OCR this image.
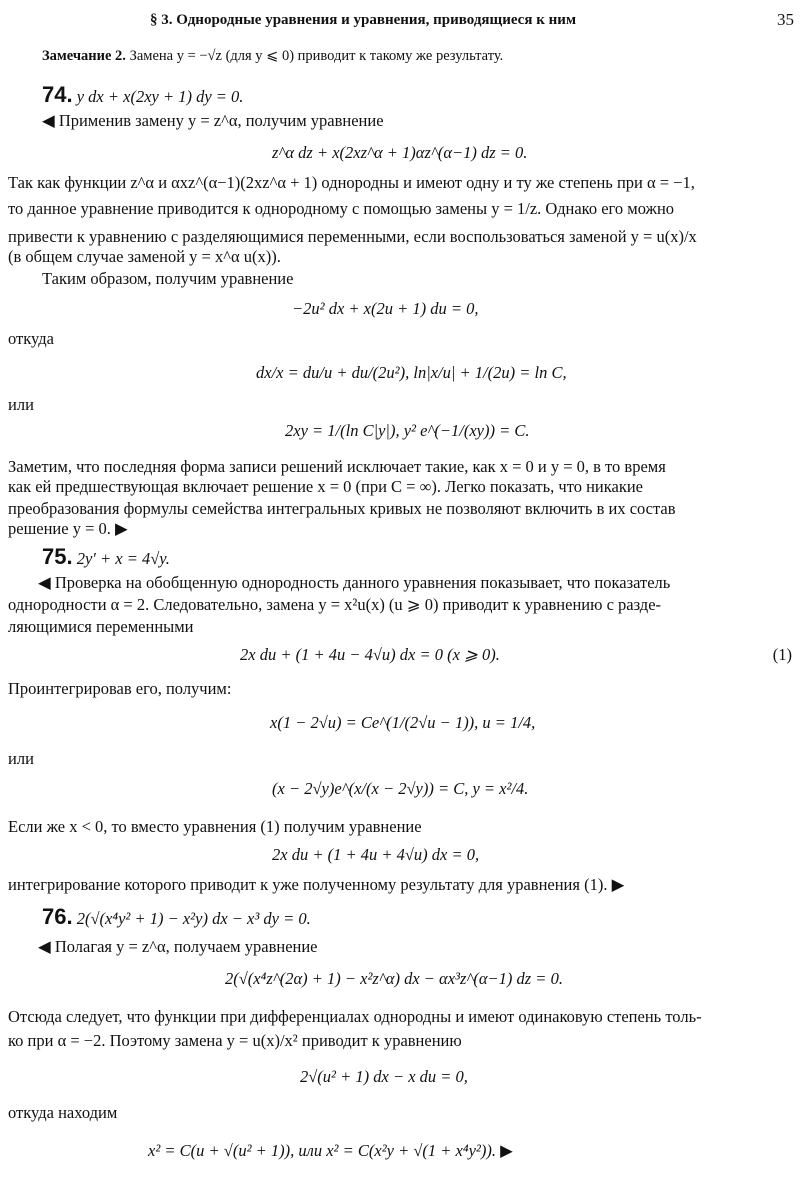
§ 3. Однородные уравнения и уравнения, приводящиеся к ним	35
Замечание 2. Замена y = −√z (для y ⩽ 0) приводит к такому же результату.
74. y dx + x(2xy + 1) dy = 0.
◀ Применив замену y = z^α, получим уравнение
z^α dz + x(2xz^α + 1)αz^(α−1) dz = 0.
Так как функции z^α и αxz^(α−1)(2xz^α + 1) однородны и имеют одну и ту же степень при α = −1,
то данное уравнение приводится к однородному с помощью замены y = 1/z. Однако его можно
привести к уравнению с разделяющимися переменными, если воспользоваться заменой y = u(x)/x
(в общем случае заменой y = x^α u(x)).
Таким образом, получим уравнение
−2u² dx + x(2u + 1) du = 0,
откуда
dx/x = du/u + du/(2u²), ln|x/u| + 1/(2u) = ln C,
или
2xy = 1/(ln C|y|), y² e^(−1/(xy)) = C.
Заметим, что последняя форма записи решений исключает такие, как x = 0 и y = 0, в то время
как ей предшествующая включает решение x = 0 (при C = ∞). Легко показать, что никакие
преобразования формулы семейства интегральных кривых не позволяют включить в их состав
решение y = 0. ▶
75. 2y′ + x = 4√y.
◀ Проверка на обобщенную однородность данного уравнения показывает, что показатель
однородности α = 2. Следовательно, замена y = x²u(x) (u ⩾ 0) приводит к уравнению с разде-
ляющимися переменными
2x du + (1 + 4u − 4√u) dx = 0 (x ⩾ 0).	(1)
Проинтегрировав его, получим:
x(1 − 2√u) = Ce^(1/(2√u − 1)), u = 1/4,
или
(x − 2√y)e^(x/(x − 2√y)) = C, y = x²/4.
Если же x < 0, то вместо уравнения (1) получим уравнение
2x du + (1 + 4u + 4√u) dx = 0,
интегрирование которого приводит к уже полученному результату для уравнения (1). ▶
76. 2(√(x⁴y² + 1) − x²y) dx − x³ dy = 0.
◀ Полагая y = z^α, получаем уравнение
2(√(x⁴z^(2α) + 1) − x²z^α) dx − αx³z^(α−1) dz = 0.
Отсюда следует, что функции при дифференциалах однородны и имеют одинаковую степень толь-
ко при α = −2. Поэтому замена y = u(x)/x² приводит к уравнению
2√(u² + 1) dx − x du = 0,
откуда находим
x² = C(u + √(u² + 1)), или x² = C(x²y + √(1 + x⁴y²)). ▶
